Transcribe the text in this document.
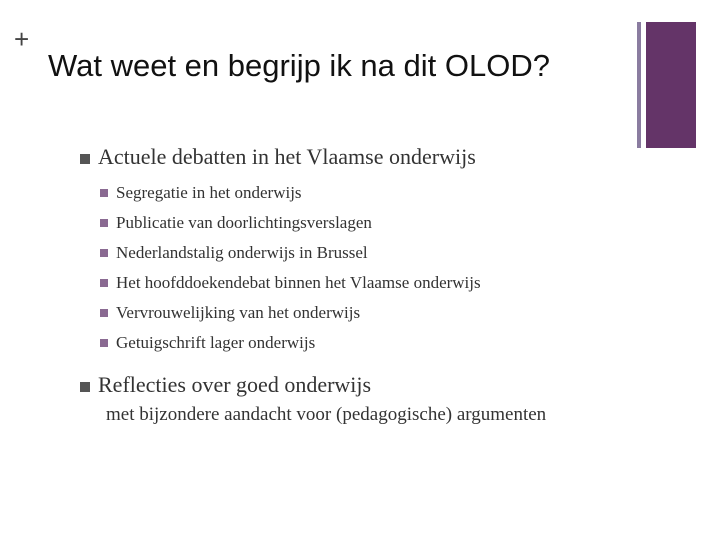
+
Wat weet en begrijp ik na dit OLOD?
Actuele debatten in het Vlaamse onderwijs
Segregatie in het onderwijs
Publicatie van doorlichtingsverslagen
Nederlandstalig onderwijs in Brussel
Het hoofddoekendebat binnen het Vlaamse onderwijs
Vervrouwelijking van het onderwijs
Getuigschrift lager onderwijs
Reflecties over goed onderwijs
met bijzondere aandacht voor (pedagogische) argumenten
